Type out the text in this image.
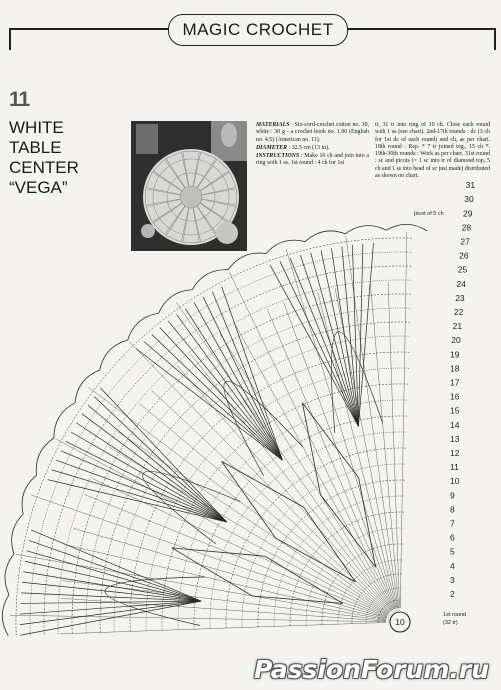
MAGIC CROCHET
11
WHITE
TABLE
CENTER
“VEGA”

MATERIALS : Six-cord-crochet cotton no. 30, white : 30 g - a crochet hook no. 1.00 (English no. 4.5) (American no. 11).

DIAMETER : 32.5 cm (13 in).

INSTRUCTIONS : Make 10 ch and join into a ring with 1 ss. 1st round : 4 ch for 1st

tr, 31 tr into ring of 10 ch. Close each round with 1 ss (see chart). 2nd-17th rounds : dc (3 ch for 1st dc of each round) and ch, as per chart. 18th round : Rep. * 7 tr joined tog., 15 ch *. 19th-30th rounds : Work as per chart. 31st round : sc and picots (= 1 sc into tr of diamond top, 5 ch and 1 ss into head of sc just made) distributed as shown on chart.

10
2
3
4
5
6
7
8
9
10
11
12
13
14
15
16
17
18
19
20
21
22
23
24
25
26
27
28
29
30
31
picot of 5 ch
1st round
(32 tr)
PassionForum.ru
